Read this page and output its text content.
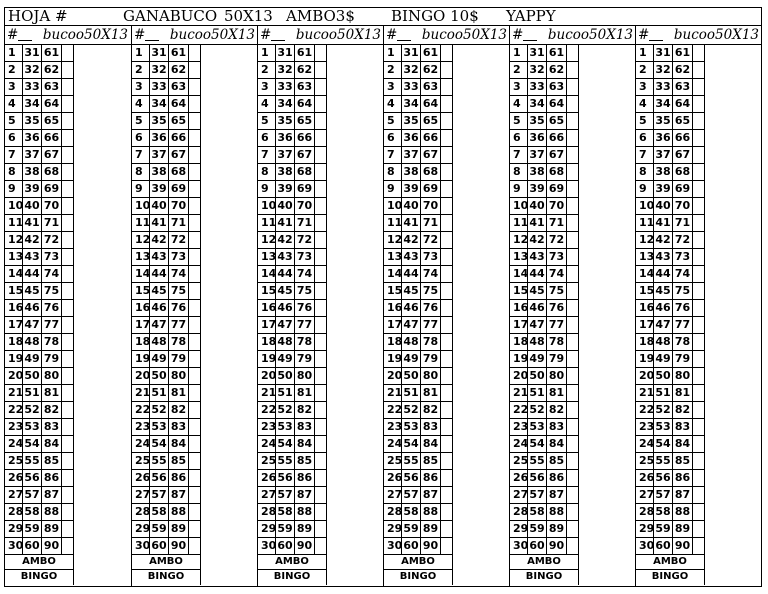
HOJA #	GANABUCO 50X13 AMBO3$ BINGO 10$ YAPPY
# bucoo50X13
1 31 61
2 32 62
3 33 63
4 34 64
5 35 65
6 36 66
7 37 67
8 38 68
9 39 69
10 40 70
11 41 71
12 42 72
13 43 73
14 44 74
15 45 75
16 46 76
17 47 77
18 48 78
19 49 79
20 50 80
21 51 81
22 52 82
23 53 83
24 54 84
25 55 85
26 56 86
27 57 87
28 58 88
29 59 89
30 60 90
AMBO
BINGO
# bucoo50X13
1 31 61
2 32 62
3 33 63
4 34 64
5 35 65
6 36 66
7 37 67
8 38 68
9 39 69
10 40 70
11 41 71
12 42 72
13 43 73
14 44 74
15 45 75
16 46 76
17 47 77
18 48 78
19 49 79
20 50 80
21 51 81
22 52 82
23 53 83
24 54 84
25 55 85
26 56 86
27 57 87
28 58 88
29 59 89
30 60 90
AMBO
BINGO
# bucoo50X13
1 31 61
2 32 62
3 33 63
4 34 64
5 35 65
6 36 66
7 37 67
8 38 68
9 39 69
10 40 70
11 41 71
12 42 72
13 43 73
14 44 74
15 45 75
16 46 76
17 47 77
18 48 78
19 49 79
20 50 80
21 51 81
22 52 82
23 53 83
24 54 84
25 55 85
26 56 86
27 57 87
28 58 88
29 59 89
30 60 90
AMBO
BINGO
# bucoo50X13
1 31 61
2 32 62
3 33 63
4 34 64
5 35 65
6 36 66
7 37 67
8 38 68
9 39 69
10 40 70
11 41 71
12 42 72
13 43 73
14 44 74
15 45 75
16 46 76
17 47 77
18 48 78
19 49 79
20 50 80
21 51 81
22 52 82
23 53 83
24 54 84
25 55 85
26 56 86
27 57 87
28 58 88
29 59 89
30 60 90
AMBO
BINGO
# bucoo50X13
1 31 61
2 32 62
3 33 63
4 34 64
5 35 65
6 36 66
7 37 67
8 38 68
9 39 69
10 40 70
11 41 71
12 42 72
13 43 73
14 44 74
15 45 75
16 46 76
17 47 77
18 48 78
19 49 79
20 50 80
21 51 81
22 52 82
23 53 83
24 54 84
25 55 85
26 56 86
27 57 87
28 58 88
29 59 89
30 60 90
AMBO
BINGO
# bucoo50X13
1 31 61
2 32 62
3 33 63
4 34 64
5 35 65
6 36 66
7 37 67
8 38 68
9 39 69
10 40 70
11 41 71
12 42 72
13 43 73
14 44 74
15 45 75
16 46 76
17 47 77
18 48 78
19 49 79
20 50 80
21 51 81
22 52 82
23 53 83
24 54 84
25 55 85
26 56 86
27 57 87
28 58 88
29 59 89
30 60 90
AMBO
BINGO
